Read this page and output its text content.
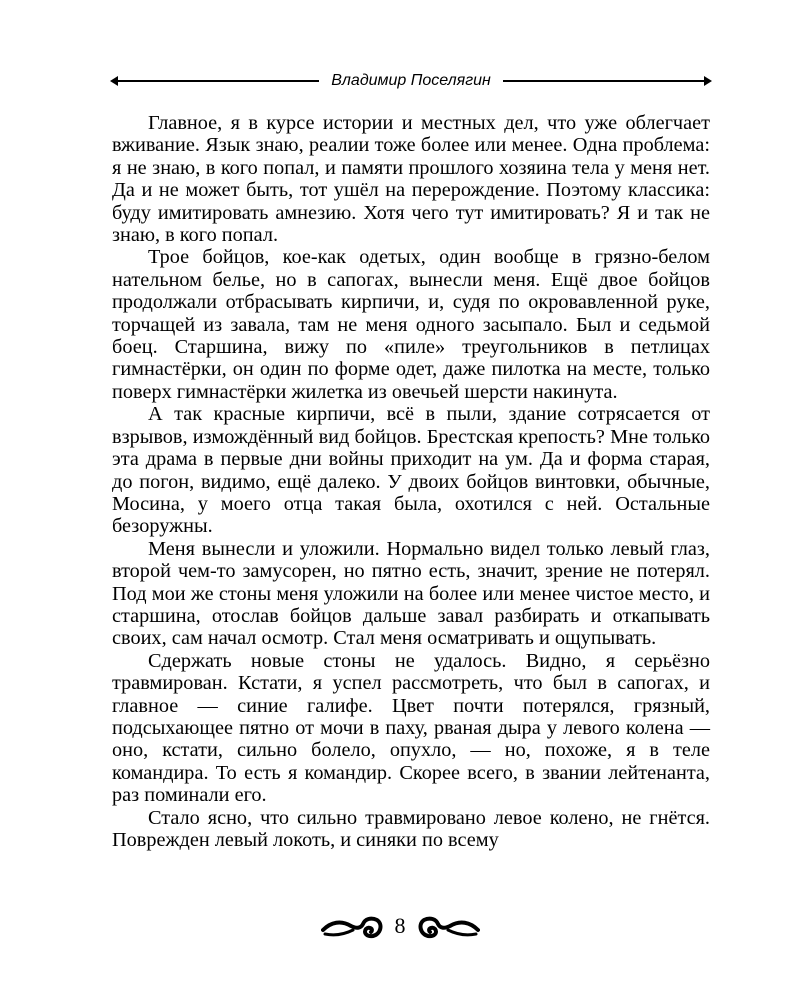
Владимир Поселягин

Главное, я в курсе истории и местных дел, что уже облегчает вживание. Язык знаю, реалии тоже более или менее. Одна проблема: я не знаю, в кого попал, и памяти прошлого хозяина тела у меня нет. Да и не может быть, тот ушёл на перерождение. Поэтому классика: буду имитировать амнезию. Хотя чего тут имитировать? Я и так не знаю, в кого попал.

Трое бойцов, кое-как одетых, один вообще в грязно-белом нательном белье, но в сапогах, вынесли меня. Ещё двое бойцов продолжали отбрасывать кирпичи, и, судя по окровавленной руке, торчащей из завала, там не меня одного засыпало. Был и седьмой боец. Старшина, вижу по «пиле» треугольников в петлицах гимнастёрки, он один по форме одет, даже пилотка на месте, только поверх гимнастёрки жилетка из овечьей шерсти накинута.

А так красные кирпичи, всё в пыли, здание сотрясается от взрывов, измождённый вид бойцов. Брестская крепость? Мне только эта драма в первые дни войны приходит на ум. Да и форма старая, до погон, видимо, ещё далеко. У двоих бойцов винтовки, обычные, Мосина, у моего отца такая была, охотился с ней. Остальные безоружны.

Меня вынесли и уложили. Нормально видел только левый глаз, второй чем-то замусорен, но пятно есть, значит, зрение не потерял. Под мои же стоны меня уложили на более или менее чистое место, и старшина, отослав бойцов дальше завал разбирать и откапывать своих, сам начал осмотр. Стал меня осматривать и ощупывать.

Сдержать новые стоны не удалось. Видно, я серьёзно травмирован. Кстати, я успел рассмотреть, что был в сапогах, и главное — синие галифе. Цвет почти потерялся, грязный, подсыхающее пятно от мочи в паху, рваная дыра у левого колена — оно, кстати, сильно болело, опухло, — но, похоже, я в теле командира. То есть я командир. Скорее всего, в звании лейтенанта, раз поминали его.

Стало ясно, что сильно травмировано левое колено, не гнётся. Поврежден левый локоть, и синяки по всему

8
